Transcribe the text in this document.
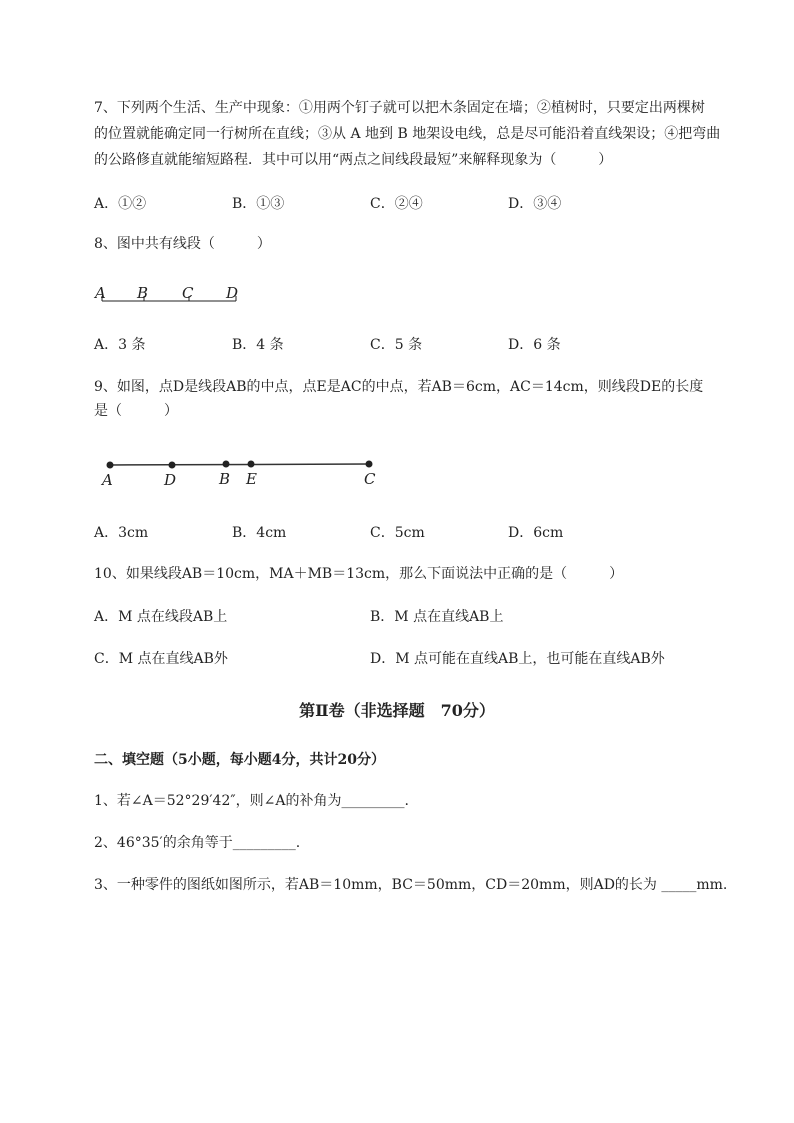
7、下列两个生活、生产中现象：①用两个钉子就可以把木条固定在墙；②植树时，只要定出两棵树
的位置就能确定同一行树所在直线；③从 A 地到 B 地架设电线，总是尽可能沿着直线架设；④把弯曲
的公路修直就能缩短路程．其中可以用“两点之间线段最短”来解释现象为（　　　）
A．①②	B．①③	C．②④	D．③④
8、图中共有线段（　　　）
A B C D
A．3 条	B．4 条	C．5 条	D．6 条
9、如图，点D是线段AB的中点，点E是AC的中点，若AB＝6cm，AC＝14cm，则线段DE的长度
是（　　　）
A	D	B E	C
A．3cm	B．4cm	C．5cm	D．6cm
10、如果线段AB＝10cm，MA＋MB＝13cm，那么下面说法中正确的是（　　　）
A．M 点在线段AB上	B．M 点在直线AB上
C．M 点在直线AB外	D．M 点可能在直线AB上，也可能在直线AB外
第Ⅱ卷（非选择题　70分）
二、填空题（5小题，每小题4分，共计20分）
1、若∠A＝52°29′42″，则∠A的补角为_________.
2、46°35′的余角等于_________.
3、一种零件的图纸如图所示，若AB＝10mm，BC＝50mm，CD＝20mm，则AD的长为 _____mm.
